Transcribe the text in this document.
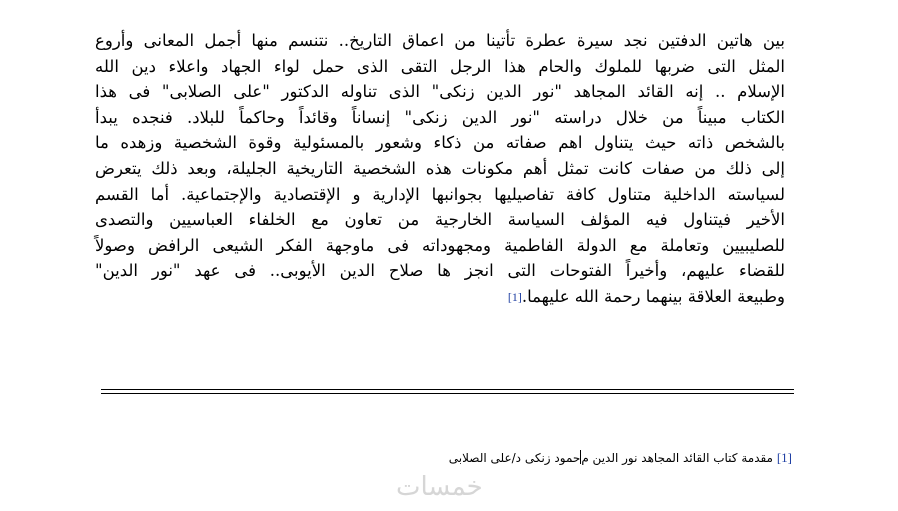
بين هاتين الدفتين نجد سيرة عطرة تأتينا من اعماق التاريخ.. نتنسم منها أجمل المعانى وأروع
المثل التى ضربها للملوك والحام هذا الرجل التقى الذى حمل لواء الجهاد واعلاء دين الله
الإسلام .. إنه القائد المجاهد "نور الدين زنكى" الذى تناوله الدكتور "على الصلابى" فى هذا
الكتاب مبيناً من خلال دراسته "نور الدين زنكى" إنساناً وقائداً وحاكماً للبلاد. فنجده يبدأ
بالشخص ذاته حيث يتناول اهم صفاته من ذكاء وشعور بالمسئولية وقوة الشخصية وزهده ما
إلى ذلك من صفات كانت تمثل أهم مكونات هذه الشخصية التاريخية الجليلة، وبعد ذلك يتعرض
لسياسته الداخلية متناول كافة تفاصيليها بجوانبها الإدارية و الإقتصادية والإجتماعية. أما القسم
الأخير فيتناول فيه المؤلف السياسة الخارجية من تعاون مع الخلفاء العباسيين والتصدى
للصليبيين وتعاملة مع الدولة الفاطمية ومجهوداته فى ماوجهة الفكر الشيعى الرافض وصولاً
للقضاء عليهم، وأخيراً الفتوحات التى انجز ها صلاح الدين الأيوبى.. فى عهد "نور الدين"
وطبيعة العلاقة بينهما رحمة الله عليهما.[1]
[1] مقدمة كتاب القائد المجاهد نور الدين محمود زنكى د/على الصلابى
خمسات
